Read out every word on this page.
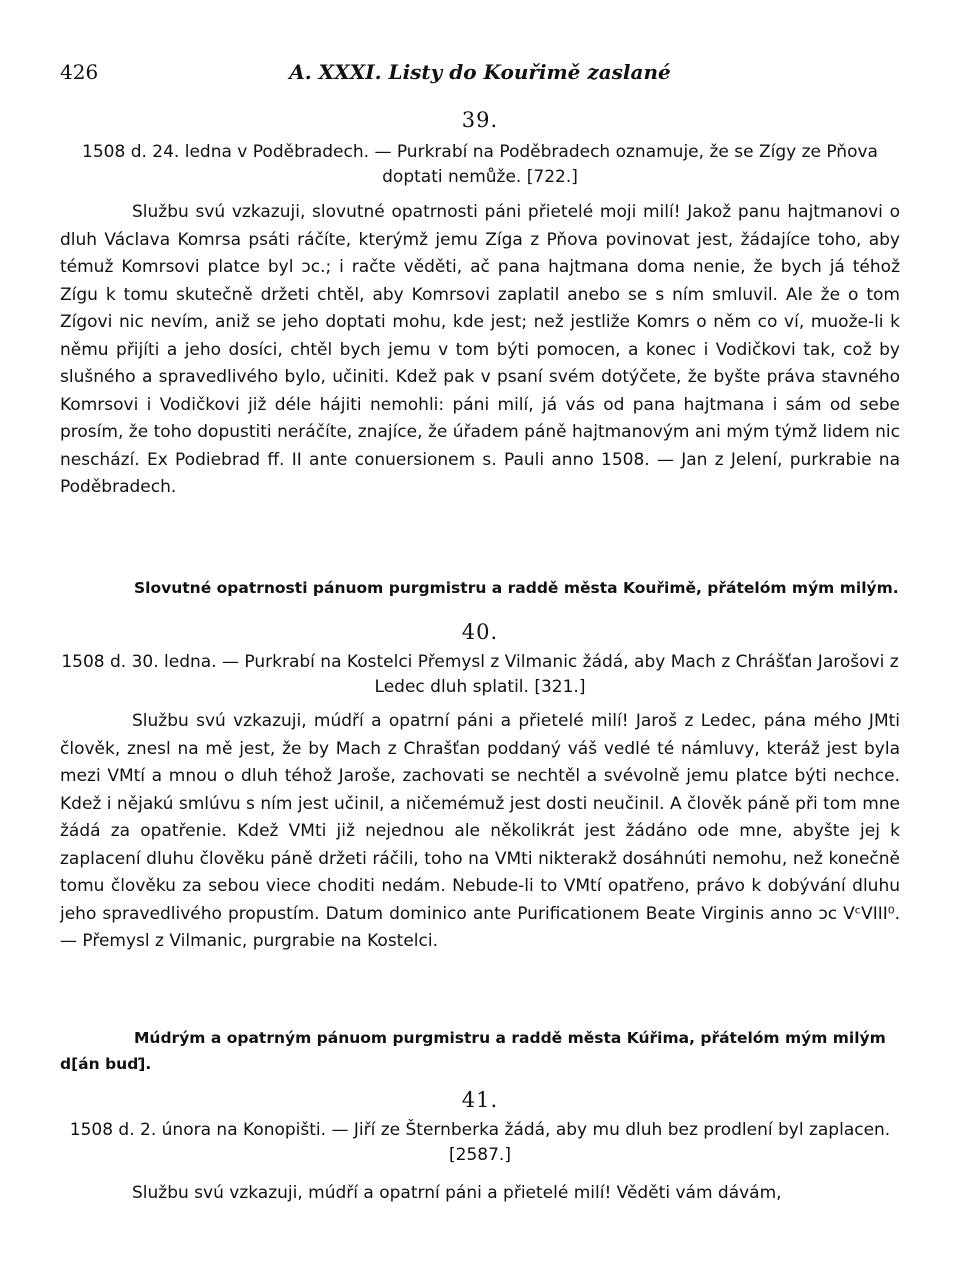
426	A. XXXI. Listy do Kouřimě zaslané
39.
1508 d. 24. ledna v Poděbradech. — Purkrabí na Poděbradech oznamuje, že se Zígy ze Pňova doptati nemůže. [722.]

Službu svú vzkazuji, slovutné opatrnosti páni přietelé moji milí! Jakož panu hajtmanovi o dluh Václava Komrsa psáti ráčíte, kterýmž jemu Zíga z Pňova povinovat jest, žádajíce toho, aby témuž Komrsovi platce byl ɔc.; i račte věděti, ač pana hajtmana doma nenie, že bych já téhož Zígu k tomu skutečně držeti chtěl, aby Komrsovi zaplatil anebo se s ním smluvil. Ale že o tom Zígovi nic nevím, aniž se jeho doptati mohu, kde jest; než jestliže Komrs o něm co ví, muože-li k němu přijíti a jeho dosíci, chtěl bych jemu v tom býti pomocen, a konec i Vodičkovi tak, což by slušného a spravedlivého bylo, učiniti. Kdež pak v psaní svém dotýčete, že byšte práva stavného Komrsovi i Vodičkovi již déle hájiti nemohli: páni milí, já vás od pana hajtmana i sám od sebe prosím, že toho dopustiti neráčíte, znajíce, že úřadem páně hajtmanovým ani mým týmž lidem nic neschází. Ex Podiebrad ff. II ante conuersionem s. Pauli anno 1508. — Jan z Jelení, purkrabie na Poděbradech.

Slovutné opatrnosti pánuom purgmistru a raddě města Kouřimě, přátelóm mým milým.

40.
1508 d. 30. ledna. — Purkrabí na Kostelci Přemysl z Vilmanic žádá, aby Mach z Chrášťan Jarošovi z Ledec dluh splatil. [321.]

Službu svú vzkazuji, múdří a opatrní páni a přietelé milí! Jaroš z Ledec, pána mého JMti člověk, znesl na mě jest, že by Mach z Chrašťan poddaný váš vedlé té námluvy, kteráž jest byla mezi VMtí a mnou o dluh téhož Jaroše, zachovati se nechtěl a svévolně jemu platce býti nechce. Kdež i nějakú smlúvu s ním jest učinil, a ničemémuž jest dosti neučinil. A člověk páně při tom mne žádá za opatřenie. Kdež VMti již nejednou ale několikrát jest žádáno ode mne, abyšte jej k zaplacení dluhu člověku páně držeti ráčili, toho na VMti nikterakž dosáhnúti nemohu, než konečně tomu člověku za sebou viece choditi nedám. Nebude-li to VMtí opatřeno, právo k dobývání dluhu jeho spravedlivého propustím. Datum dominico ante Purificationem Beate Virginis anno ɔc VᶜVIII⁰. — Přemysl z Vilmanic, purgrabie na Kostelci.

Múdrým a opatrným pánuom purgmistru a raddě města Kúřima, přátelóm mým milým d[án buď].

41.
1508 d. 2. února na Konopišti. — Jiří ze Šternberka žádá, aby mu dluh bez prodlení byl zaplacen. [2587.]

Službu svú vzkazuji, múdří a opatrní páni a přietelé milí! Věděti vám dávám,
